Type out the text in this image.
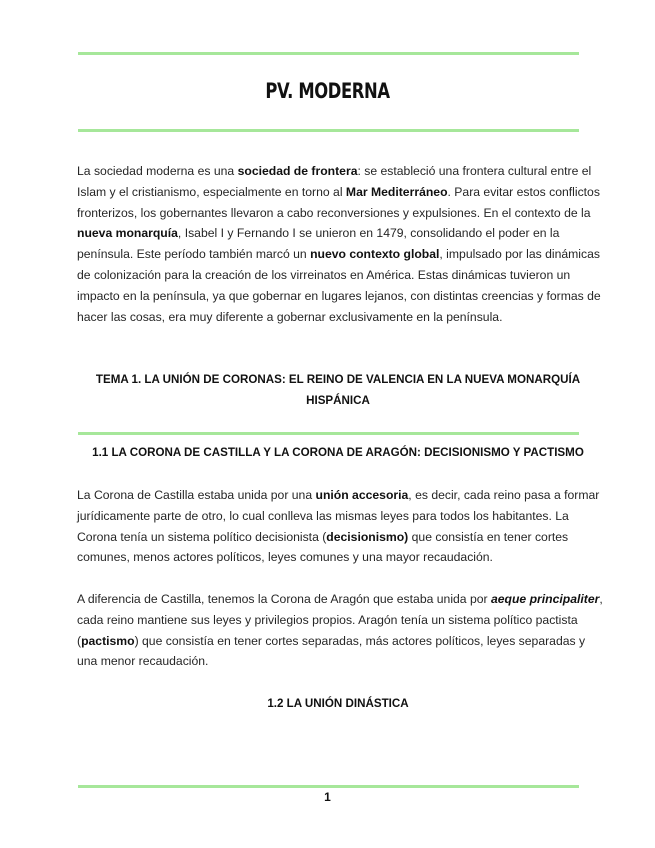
PV. MODERNA

La sociedad moderna es una sociedad de frontera: se estableció una frontera cultural entre el Islam y el cristianismo, especialmente en torno al Mar Mediterráneo. Para evitar estos conflictos fronterizos, los gobernantes llevaron a cabo reconversiones y expulsiones. En el contexto de la nueva monarquía, Isabel I y Fernando I se unieron en 1479, consolidando el poder en la península. Este período también marcó un nuevo contexto global, impulsado por las dinámicas de colonización para la creación de los virreinatos en América. Estas dinámicas tuvieron un impacto en la península, ya que gobernar en lugares lejanos, con distintas creencias y formas de hacer las cosas, era muy diferente a gobernar exclusivamente en la península.

TEMA 1. LA UNIÓN DE CORONAS: EL REINO DE VALENCIA EN LA NUEVA MONARQUÍA HISPÁNICA
1.1 LA CORONA DE CASTILLA Y LA CORONA DE ARAGÓN: DECISIONISMO Y PACTISMO

La Corona de Castilla estaba unida por una unión accesoria, es decir, cada reino pasa a formar jurídicamente parte de otro, lo cual conlleva las mismas leyes para todos los habitantes. La Corona tenía un sistema político decisionista (decisionismo) que consistía en tener cortes comunes, menos actores políticos, leyes comunes y una mayor recaudación.

A diferencia de Castilla, tenemos la Corona de Aragón que estaba unida por aeque principaliter, cada reino mantiene sus leyes y privilegios propios. Aragón tenía un sistema político pactista (pactismo) que consistía en tener cortes separadas, más actores políticos, leyes separadas y una menor recaudación.

1.2 LA UNIÓN DINÁSTICA
1
